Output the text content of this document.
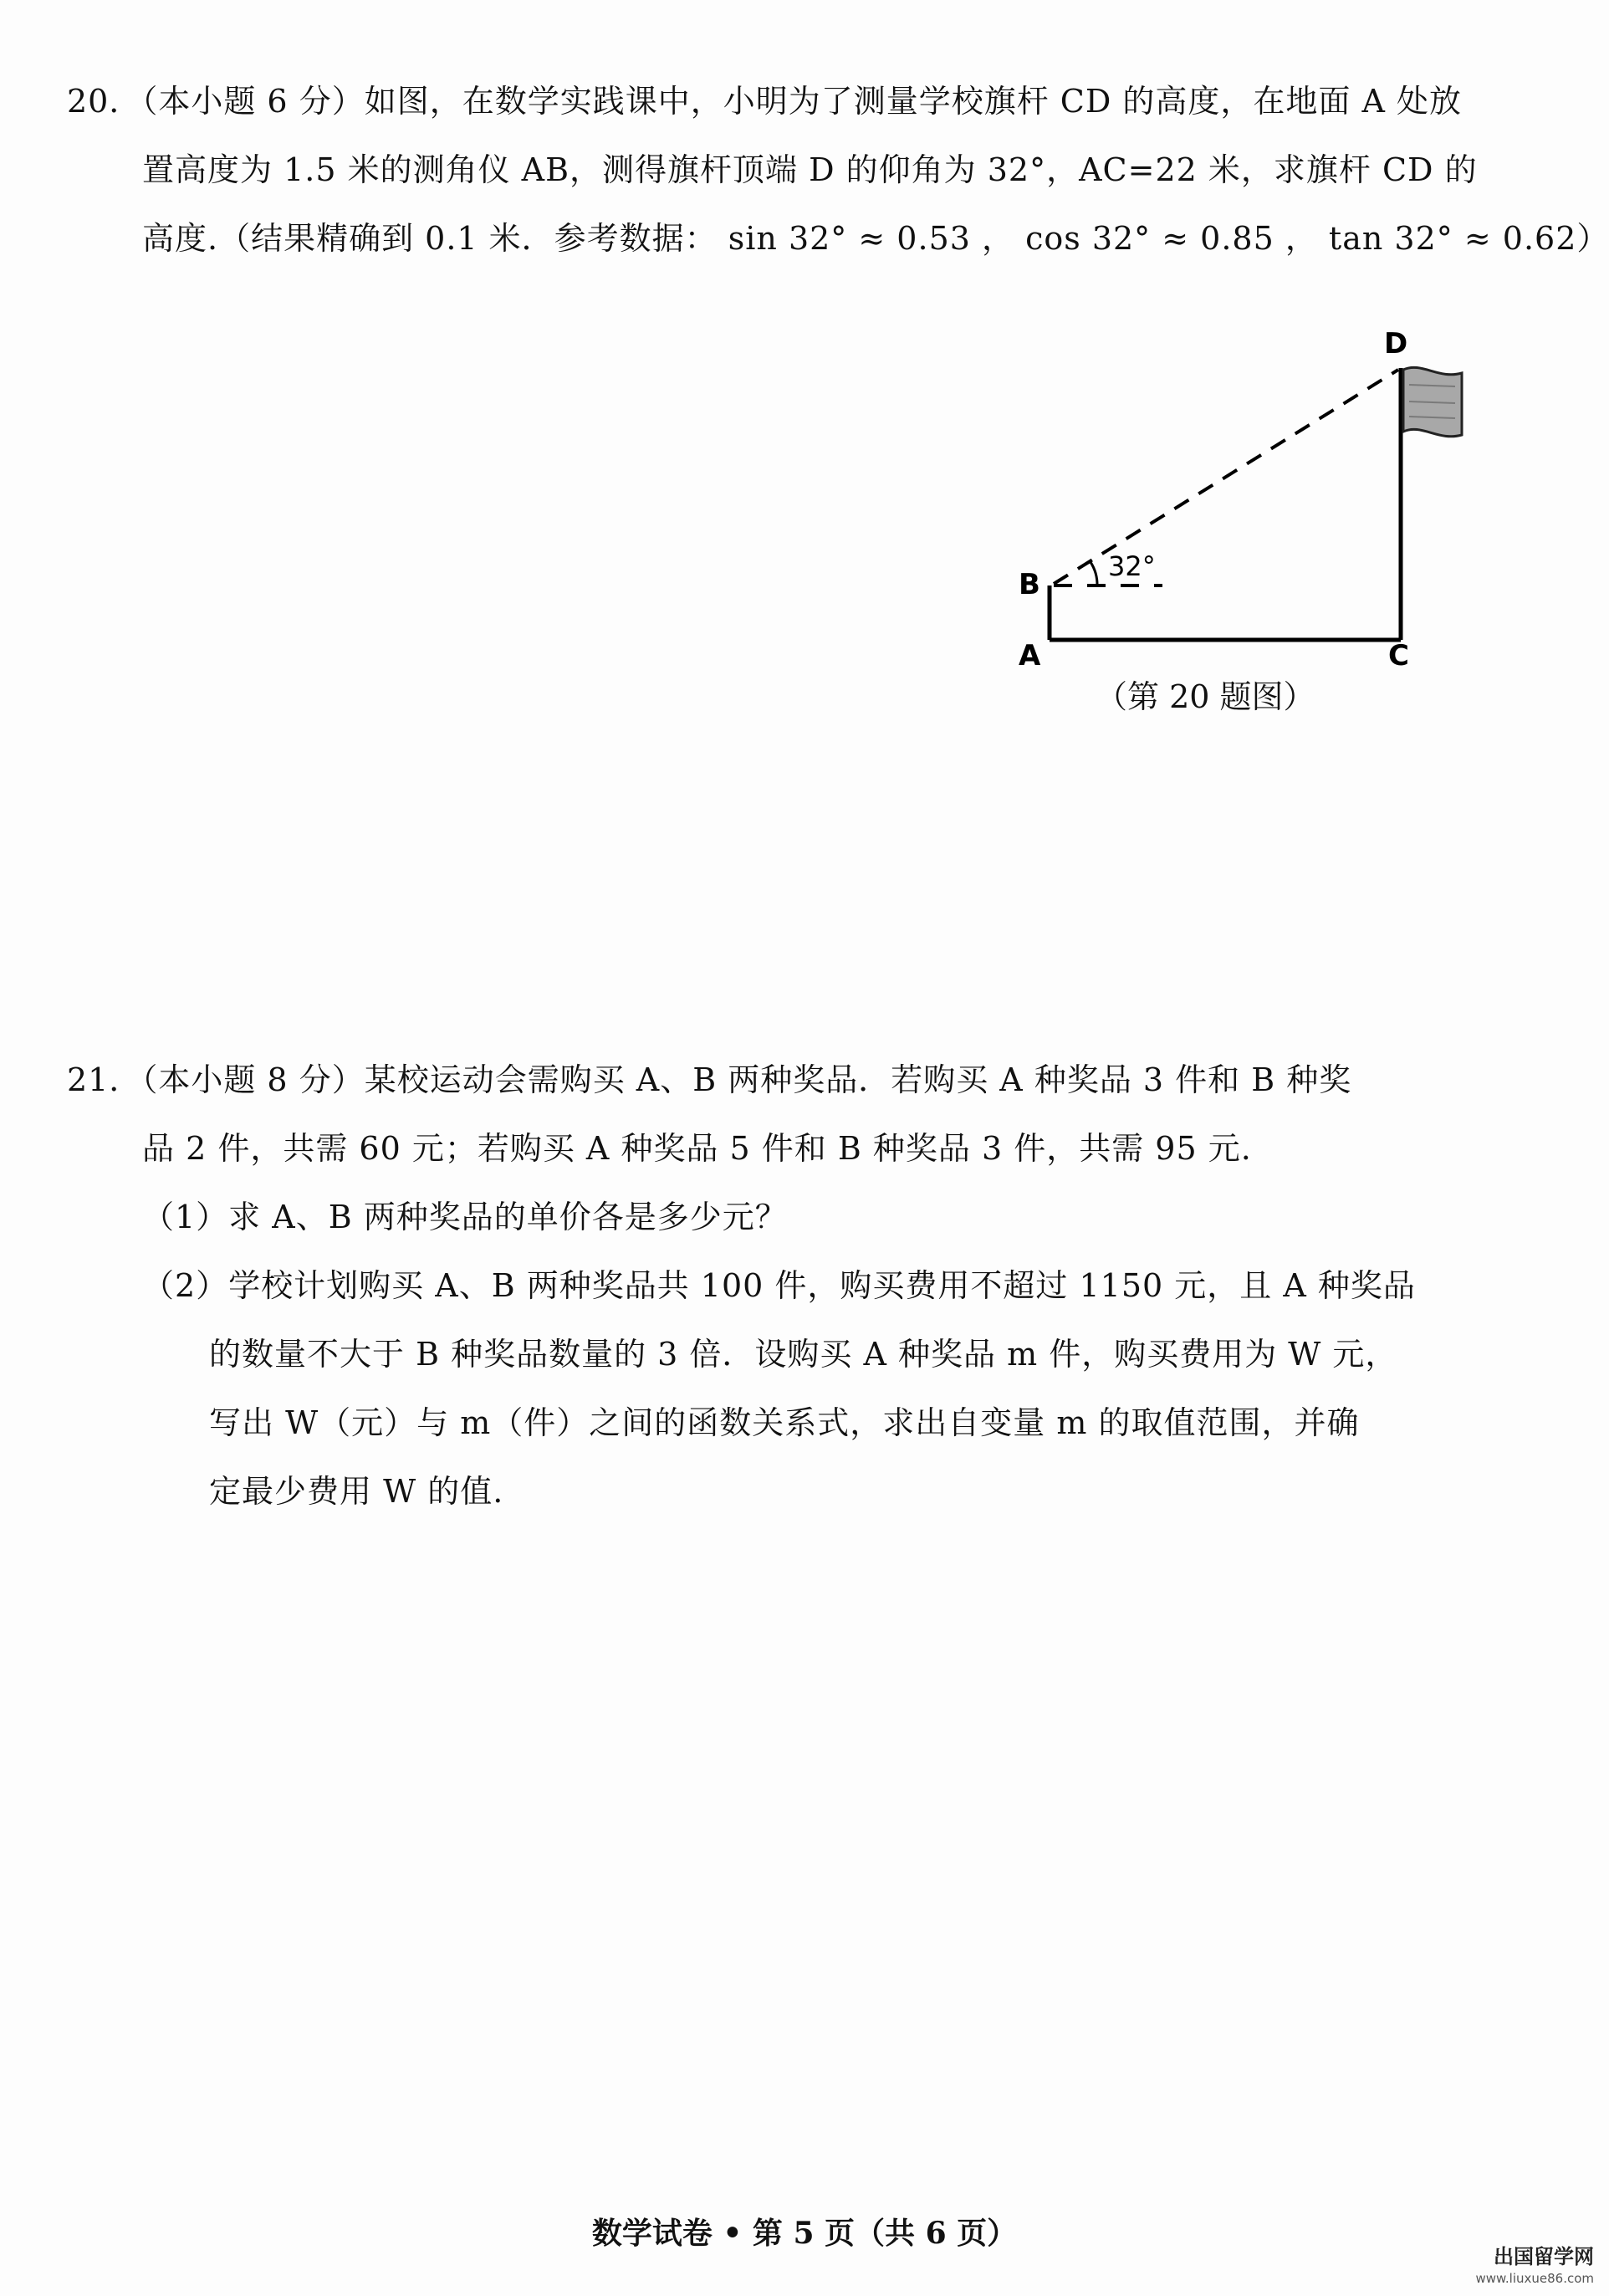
20．（本小题 6 分）如图，在数学实践课中，小明为了测量学校旗杆 CD 的高度，在地面 A 处放
置高度为 1.5 米的测角仪 AB，测得旗杆顶端 D 的仰角为 32°，AC=22 米，求旗杆 CD 的
高度.（结果精确到 0.1 米．参考数据： sin 32° ≈ 0.53 ， cos 32° ≈ 0.85 ， tan 32° ≈ 0.62）
B
A	C
D
32°
（第 20 题图）
21．（本小题 8 分）某校运动会需购买 A、B 两种奖品．若购买 A 种奖品 3 件和 B 种奖
品 2 件，共需 60 元；若购买 A 种奖品 5 件和 B 种奖品 3 件，共需 95 元.
（1）求 A、B 两种奖品的单价各是多少元？
（2）学校计划购买 A、B 两种奖品共 100 件，购买费用不超过 1150 元，且 A 种奖品
的数量不大于 B 种奖品数量的 3 倍．设购买 A 种奖品 m 件，购买费用为 W 元，
写出 W（元）与 m（件）之间的函数关系式，求出自变量 m 的取值范围，并确
定最少费用 W 的值.
数学试卷 • 第 5 页（共 6 页）
出国留学网
www.liuxue86.com
